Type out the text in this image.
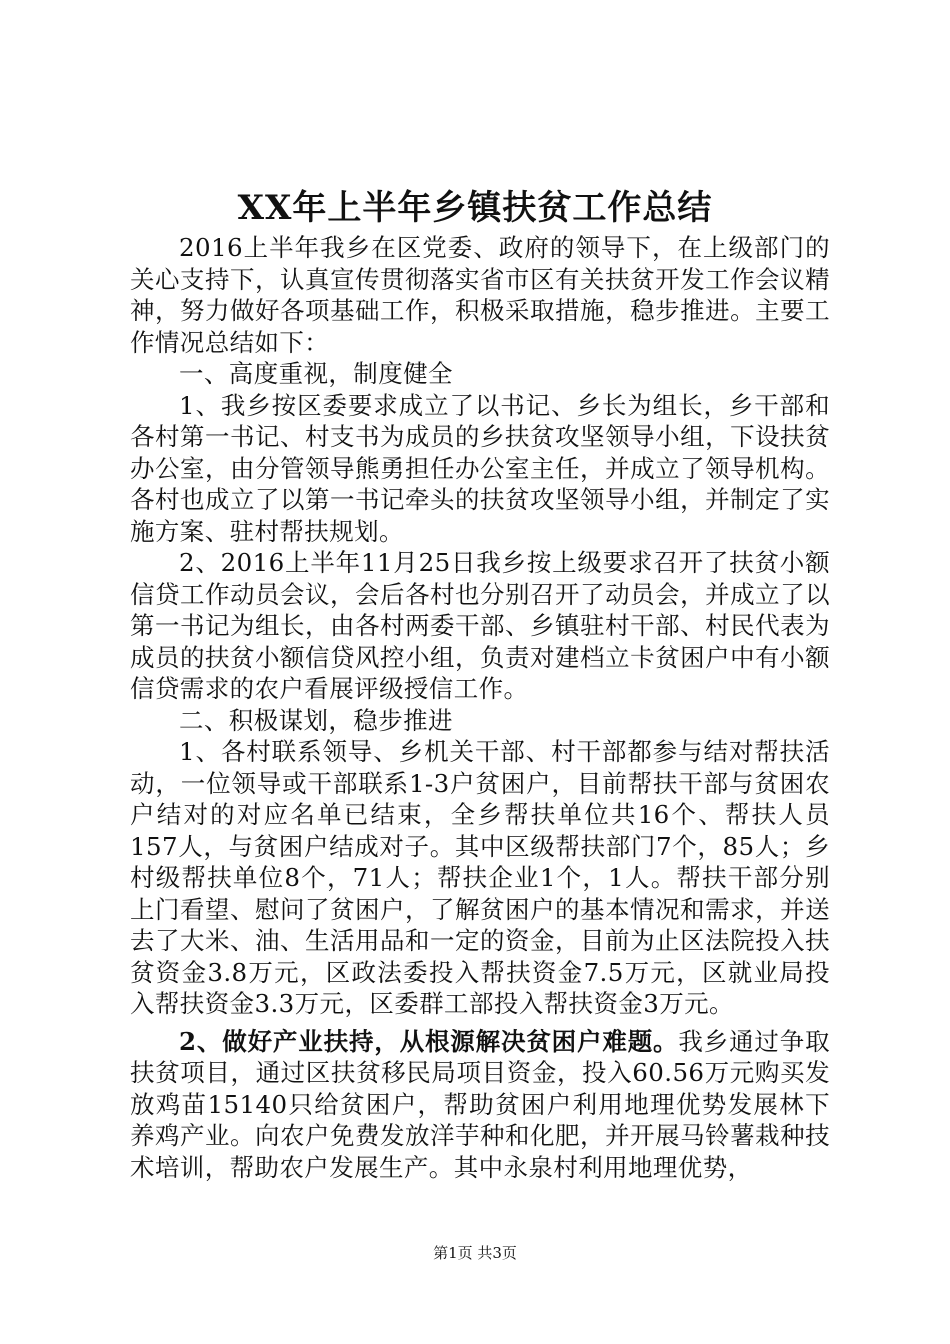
XX年上半年乡镇扶贫工作总结

2016上半年我乡在区党委、政府的领导下，在上级部门的关心支持下，认真宣传贯彻落实省市区有关扶贫开发工作会议精神，努力做好各项基础工作，积极采取措施，稳步推进。主要工作情况总结如下：

一、高度重视，制度健全

1、我乡按区委要求成立了以书记、乡长为组长，乡干部和各村第一书记、村支书为成员的乡扶贫攻坚领导小组，下设扶贫办公室，由分管领导熊勇担任办公室主任，并成立了领导机构。各村也成立了以第一书记牵头的扶贫攻坚领导小组，并制定了实施方案、驻村帮扶规划。

2、2016上半年11月25日我乡按上级要求召开了扶贫小额信贷工作动员会议，会后各村也分别召开了动员会，并成立了以第一书记为组长，由各村两委干部、乡镇驻村干部、村民代表为成员的扶贫小额信贷风控小组，负责对建档立卡贫困户中有小额信贷需求的农户看展评级授信工作。

二、积极谋划，稳步推进

1、各村联系领导、乡机关干部、村干部都参与结对帮扶活动，一位领导或干部联系1-3户贫困户，目前帮扶干部与贫困农户结对的对应名单已结束，全乡帮扶单位共16个、帮扶人员157人，与贫困户结成对子。其中区级帮扶部门7个，85人；乡村级帮扶单位8个，71人；帮扶企业1个，1人。帮扶干部分别上门看望、慰问了贫困户，了解贫困户的基本情况和需求，并送去了大米、油、生活用品和一定的资金，目前为止区法院投入扶贫资金3.8万元，区政法委投入帮扶资金7.5万元，区就业局投入帮扶资金3.3万元，区委群工部投入帮扶资金3万元。

2、做好产业扶持，从根源解决贫困户难题。我乡通过争取扶贫项目，通过区扶贫移民局项目资金，投入60.56万元购买发放鸡苗15140只给贫困户，帮助贫困户利用地理优势发展林下养鸡产业。向农户免费发放洋芋种和化肥，并开展马铃薯栽种技术培训，帮助农户发展生产。其中永泉村利用地理优势，

第1页 共3页
